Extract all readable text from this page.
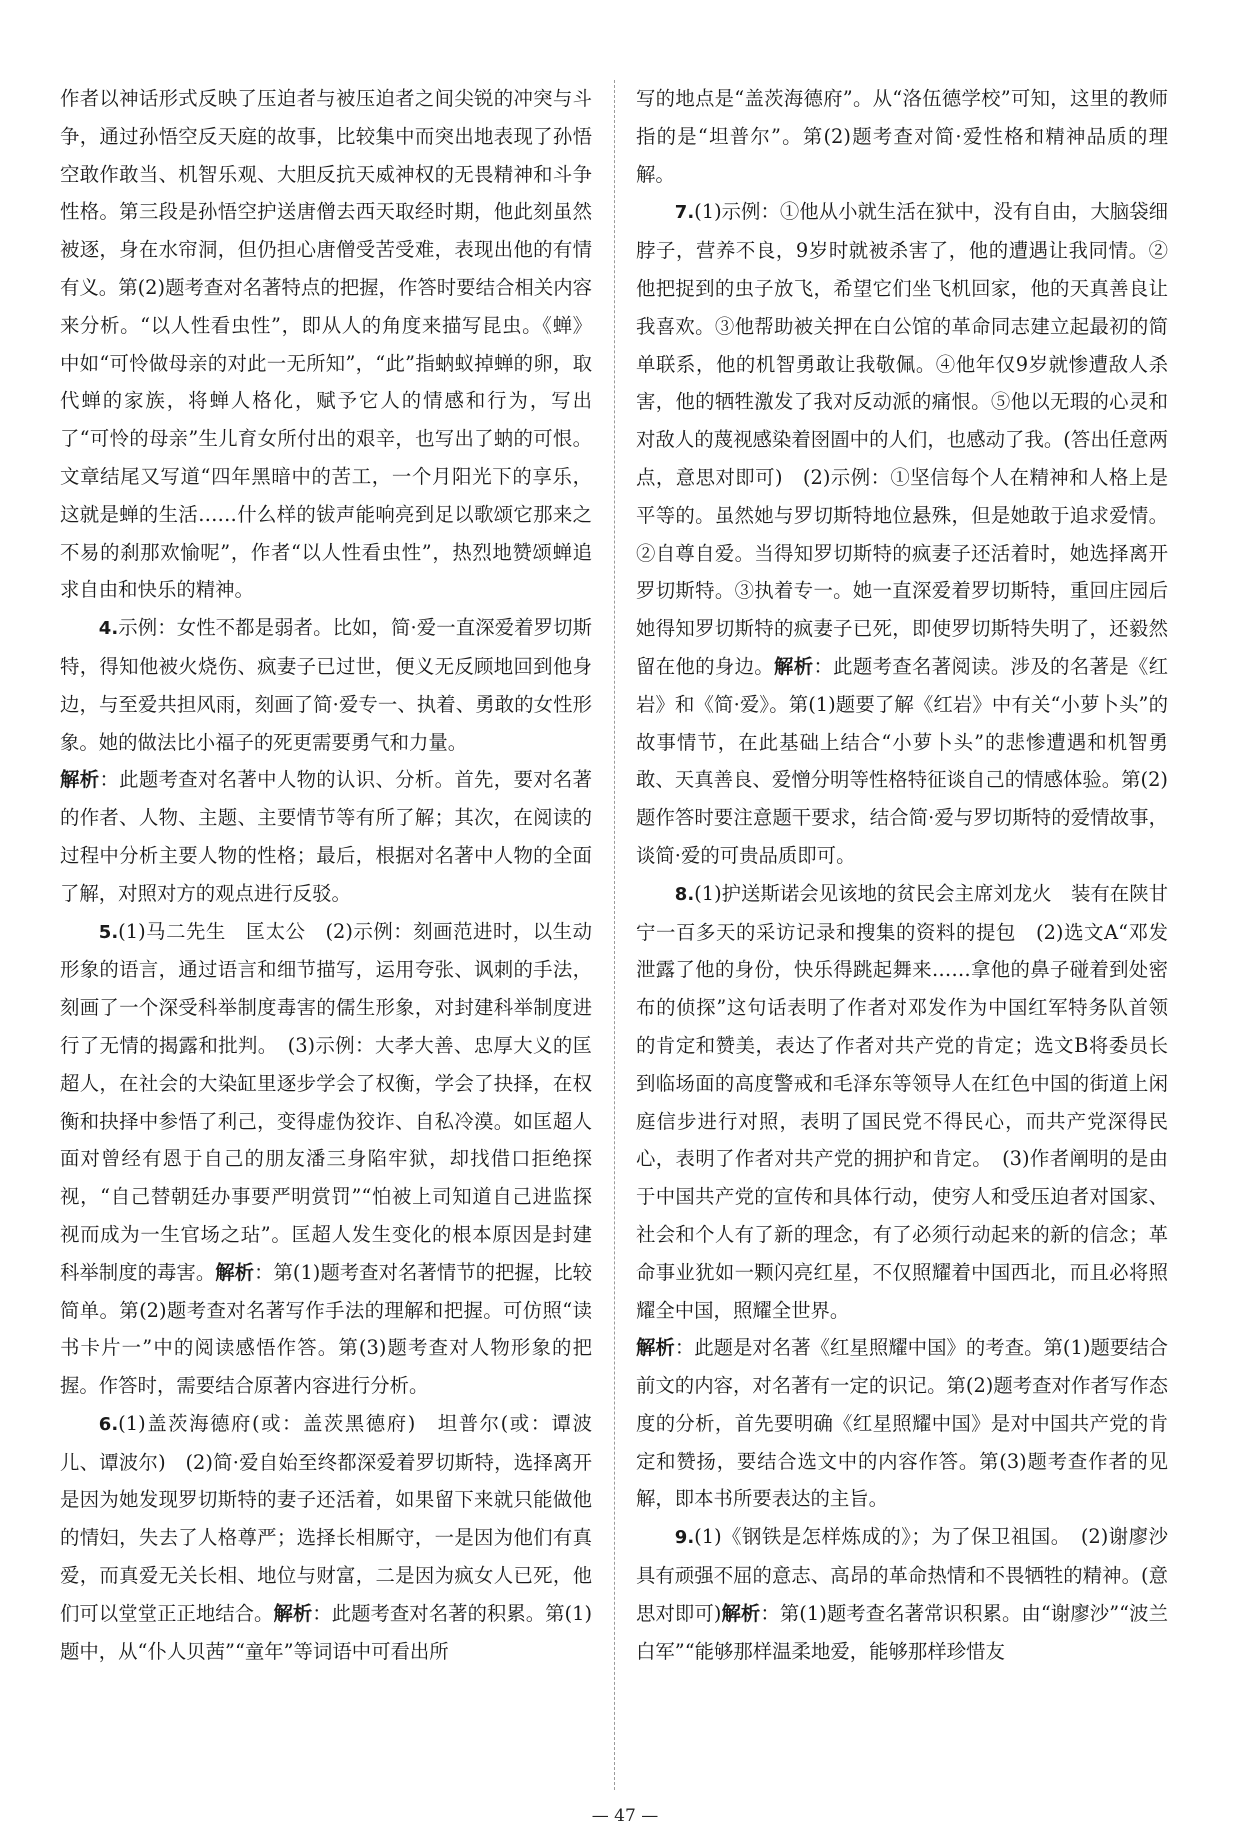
作者以神话形式反映了压迫者与被压迫者之间尖锐的冲突与斗争，通过孙悟空反天庭的故事，比较集中而突出地表现了孙悟空敢作敢当、机智乐观、大胆反抗天威神权的无畏精神和斗争性格。第三段是孙悟空护送唐僧去西天取经时期，他此刻虽然被逐，身在水帘洞，但仍担心唐僧受苦受难，表现出他的有情有义。第(2)题考查对名著特点的把握，作答时要结合相关内容来分析。“以人性看虫性”，即从人的角度来描写昆虫。《蝉》中如“可怜做母亲的对此一无所知”，“此”指蚋蚁掉蝉的卵，取代蝉的家族，将蝉人格化，赋予它人的情感和行为，写出了“可怜的母亲”生儿育女所付出的艰辛，也写出了蚋的可恨。文章结尾又写道“四年黑暗中的苦工，一个月阳光下的享乐，这就是蝉的生活……什么样的钹声能响亮到足以歌颂它那来之不易的刹那欢愉呢”，作者“以人性看虫性”，热烈地赞颂蝉追求自由和快乐的精神。

4.示例：女性不都是弱者。比如，简·爱一直深爱着罗切斯特，得知他被火烧伤、疯妻子已过世，便义无反顾地回到他身边，与至爱共担风雨，刻画了简·爱专一、执着、勇敢的女性形象。她的做法比小福子的死更需要勇气和力量。

解析：此题考查对名著中人物的认识、分析。首先，要对名著的作者、人物、主题、主要情节等有所了解；其次，在阅读的过程中分析主要人物的性格；最后，根据对名著中人物的全面了解，对照对方的观点进行反驳。

5.(1)马二先生　匡太公　(2)示例：刻画范进时，以生动形象的语言，通过语言和细节描写，运用夸张、讽刺的手法，刻画了一个深受科举制度毒害的儒生形象，对封建科举制度进行了无情的揭露和批判。　(3)示例：大孝大善、忠厚大义的匡超人，在社会的大染缸里逐步学会了权衡，学会了抉择，在权衡和抉择中参悟了利己，变得虚伪狡诈、自私冷漠。如匡超人面对曾经有恩于自己的朋友潘三身陷牢狱，却找借口拒绝探视，“自己替朝廷办事要严明赏罚”“怕被上司知道自己进监探视而成为一生官场之玷”。匡超人发生变化的根本原因是封建科举制度的毒害。解析：第(1)题考查对名著情节的把握，比较简单。第(2)题考查对名著写作手法的理解和把握。可仿照“读书卡片一”中的阅读感悟作答。第(3)题考查对人物形象的把握。作答时，需要结合原著内容进行分析。

6.(1)盖茨海德府(或：盖茨黑德府)　坦普尔(或：谭波儿、谭波尔)　(2)简·爱自始至终都深爱着罗切斯特，选择离开是因为她发现罗切斯特的妻子还活着，如果留下来就只能做他的情妇，失去了人格尊严；选择长相厮守，一是因为他们有真爱，而真爱无关长相、地位与财富，二是因为疯女人已死，他们可以堂堂正正地结合。解析：此题考查对名著的积累。第(1)题中，从“仆人贝茜”“童年”等词语中可看出所

写的地点是“盖茨海德府”。从“洛伍德学校”可知，这里的教师指的是“坦普尔”。第(2)题考查对简·爱性格和精神品质的理解。

7.(1)示例：①他从小就生活在狱中，没有自由，大脑袋细脖子，营养不良，9岁时就被杀害了，他的遭遇让我同情。②他把捉到的虫子放飞，希望它们坐飞机回家，他的天真善良让我喜欢。③他帮助被关押在白公馆的革命同志建立起最初的简单联系，他的机智勇敢让我敬佩。④他年仅9岁就惨遭敌人杀害，他的牺牲激发了我对反动派的痛恨。⑤他以无瑕的心灵和对敌人的蔑视感染着囹圄中的人们，也感动了我。(答出任意两点，意思对即可)　(2)示例：①坚信每个人在精神和人格上是平等的。虽然她与罗切斯特地位悬殊，但是她敢于追求爱情。②自尊自爱。当得知罗切斯特的疯妻子还活着时，她选择离开罗切斯特。③执着专一。她一直深爱着罗切斯特，重回庄园后她得知罗切斯特的疯妻子已死，即使罗切斯特失明了，还毅然留在他的身边。解析：此题考查名著阅读。涉及的名著是《红岩》和《简·爱》。第(1)题要了解《红岩》中有关“小萝卜头”的故事情节，在此基础上结合“小萝卜头”的悲惨遭遇和机智勇敢、天真善良、爱憎分明等性格特征谈自己的情感体验。第(2)题作答时要注意题干要求，结合简·爱与罗切斯特的爱情故事，谈简·爱的可贵品质即可。

8.(1)护送斯诺会见该地的贫民会主席刘龙火　装有在陕甘宁一百多天的采访记录和搜集的资料的提包　(2)选文A“邓发泄露了他的身份，快乐得跳起舞来……拿他的鼻子碰着到处密布的侦探”这句话表明了作者对邓发作为中国红军特务队首领的肯定和赞美，表达了作者对共产党的肯定；选文B将委员长到临场面的高度警戒和毛泽东等领导人在红色中国的街道上闲庭信步进行对照，表明了国民党不得民心，而共产党深得民心，表明了作者对共产党的拥护和肯定。　(3)作者阐明的是由于中国共产党的宣传和具体行动，使穷人和受压迫者对国家、社会和个人有了新的理念，有了必须行动起来的新的信念；革命事业犹如一颗闪亮红星，不仅照耀着中国西北，而且必将照耀全中国，照耀全世界。

解析：此题是对名著《红星照耀中国》的考查。第(1)题要结合前文的内容，对名著有一定的识记。第(2)题考查对作者写作态度的分析，首先要明确《红星照耀中国》是对中国共产党的肯定和赞扬，要结合选文中的内容作答。第(3)题考查作者的见解，即本书所要表达的主旨。

9.(1)《钢铁是怎样炼成的》；为了保卫祖国。　(2)谢廖沙具有顽强不屈的意志、高昂的革命热情和不畏牺牲的精神。(意思对即可)解析：第(1)题考查名著常识积累。由“谢廖沙”“波兰白军”“能够那样温柔地爱，能够那样珍惜友

— 47 —
